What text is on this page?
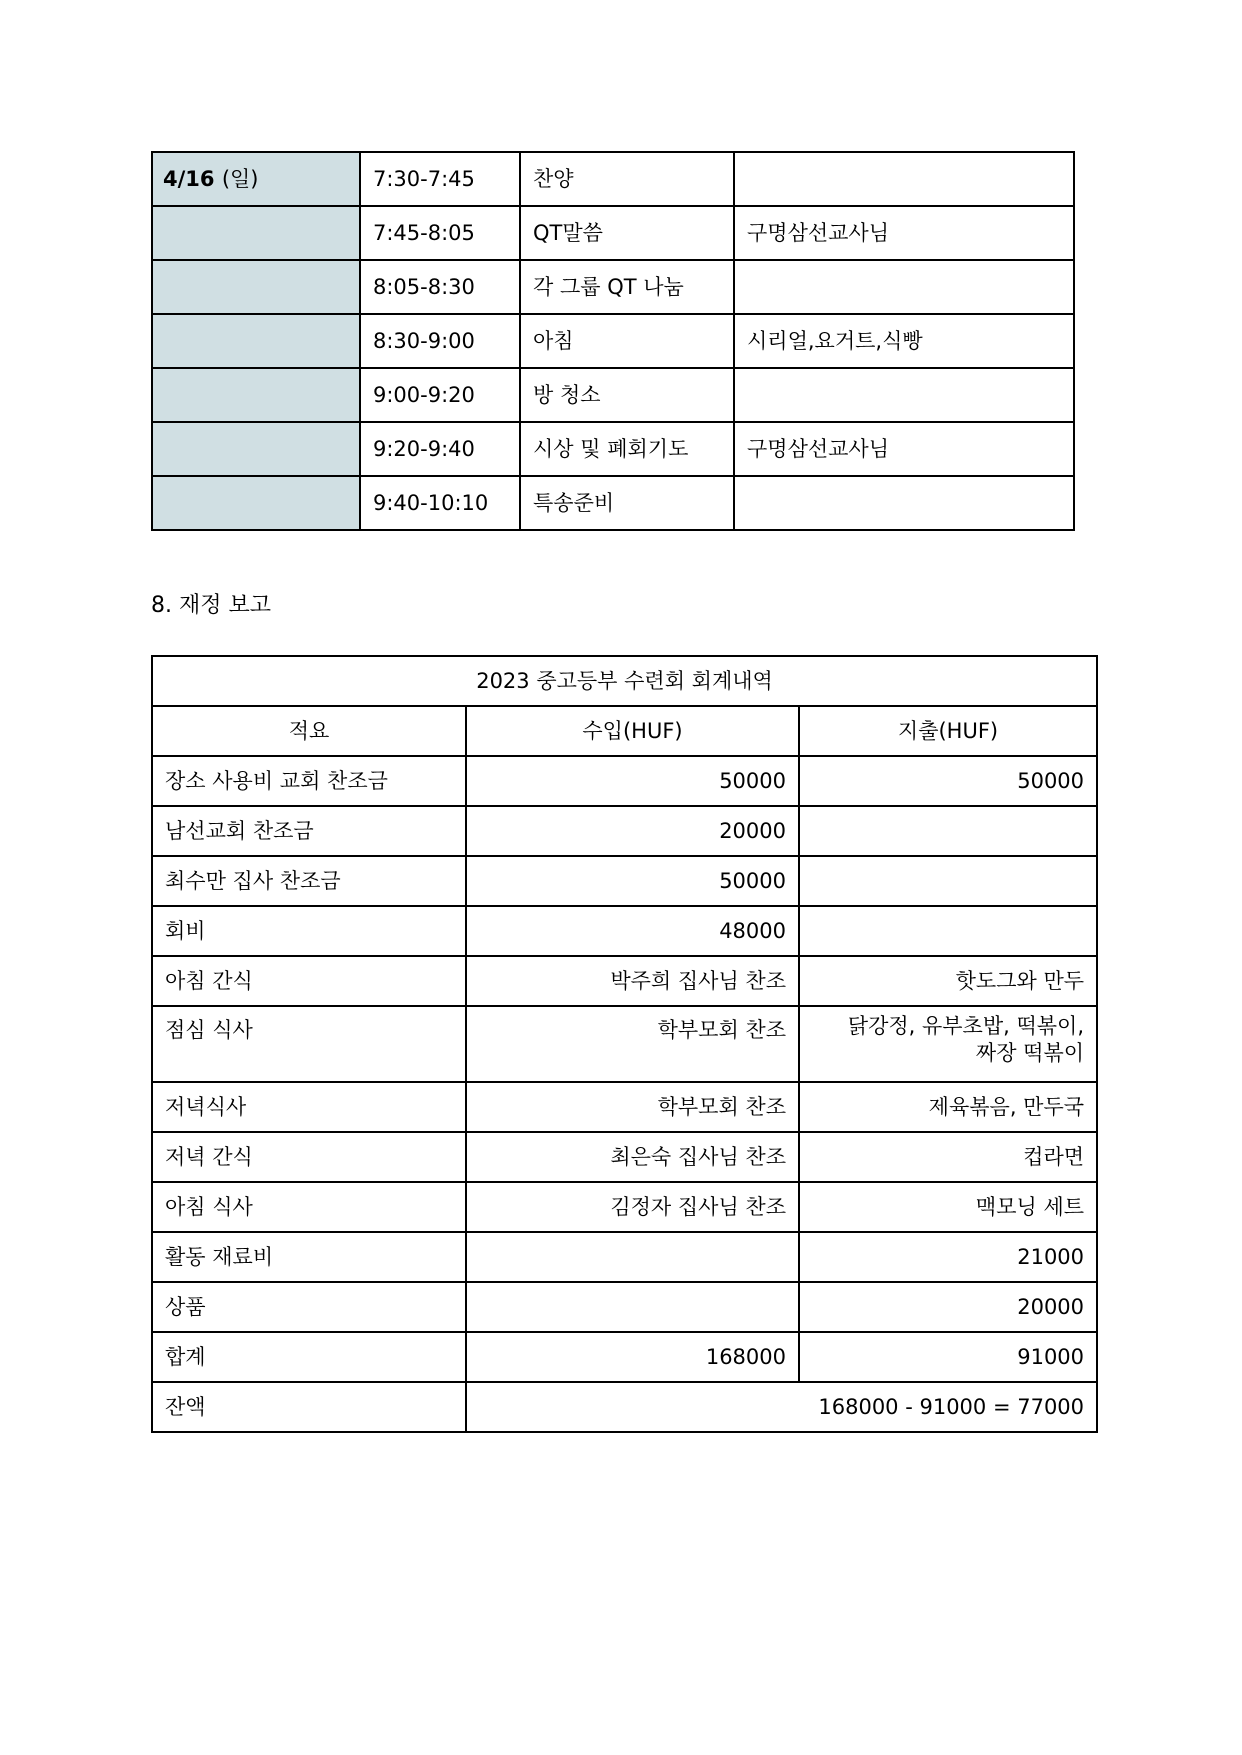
4/16 (일)	7:30-7:45	찬양	
	7:45-8:05	QT말씀	구명삼선교사님
	8:05-8:30	각 그룹 QT 나눔	
	8:30-9:00	아침	시리얼,요거트,식빵
	9:00-9:20	방 청소	
	9:20-9:40	시상 및 폐회기도	구명삼선교사님
	9:40-10:10	특송준비	

8. 재정 보고

2023 중고등부 수련회 회계내역		
적요	수입(HUF)	지출(HUF)
장소 사용비 교회 찬조금	50000	50000
남선교회 찬조금	20000	
최수만 집사 찬조금	50000	
회비	48000	
아침 간식	박주희 집사님 찬조	핫도그와 만두
점심 식사	학부모회 찬조	닭강정, 유부초밥, 떡볶이,
짜장 떡볶이

저녁식사	학부모회 찬조	제육볶음, 만두국
저녁 간식	최은숙 집사님 찬조	컵라면
아침 식사	김정자 집사님 찬조	맥모닝 세트
활동 재료비		21000
상품		20000
합계	168000	91000
잔액	168000 - 91000 = 77000	
